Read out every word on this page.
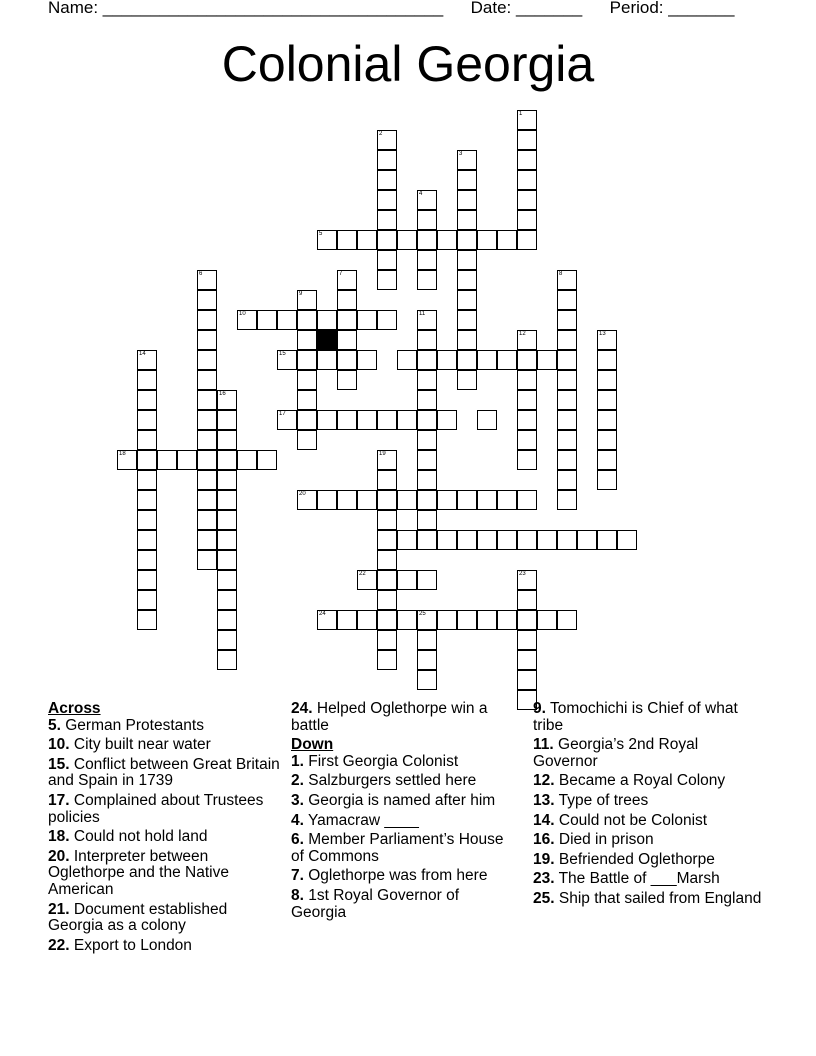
Name: ____________________________________ Date: _______ Period: _______
Colonial Georgia
1
2
3
4
5
6	7	8
9
10	11
12	13
14	15
16
17
18	19
20
22	23
24	25
Across
5. German Protestants
10. City built near water
15. Conflict between Great Britain and Spain in 1739
17. Complained about Trustees policies
18. Could not hold land
20. Interpreter between Oglethorpe and the Native American
21. Document established Georgia as a colony
22. Export to London
24. Helped Oglethorpe win a battle
Down
1. First Georgia Colonist
2. Salzburgers settled here
3. Georgia is named after him
4. Yamacraw ____
6. Member Parliament’s House of Commons
7. Oglethorpe was from here
8. 1st Royal Governor of Georgia
9. Tomochichi is Chief of what tribe
11. Georgia’s 2nd Royal Governor
12. Became a Royal Colony
13. Type of trees
14. Could not be Colonist
16. Died in prison
19. Befriended Oglethorpe
23. The Battle of ___Marsh
25. Ship that sailed from England
